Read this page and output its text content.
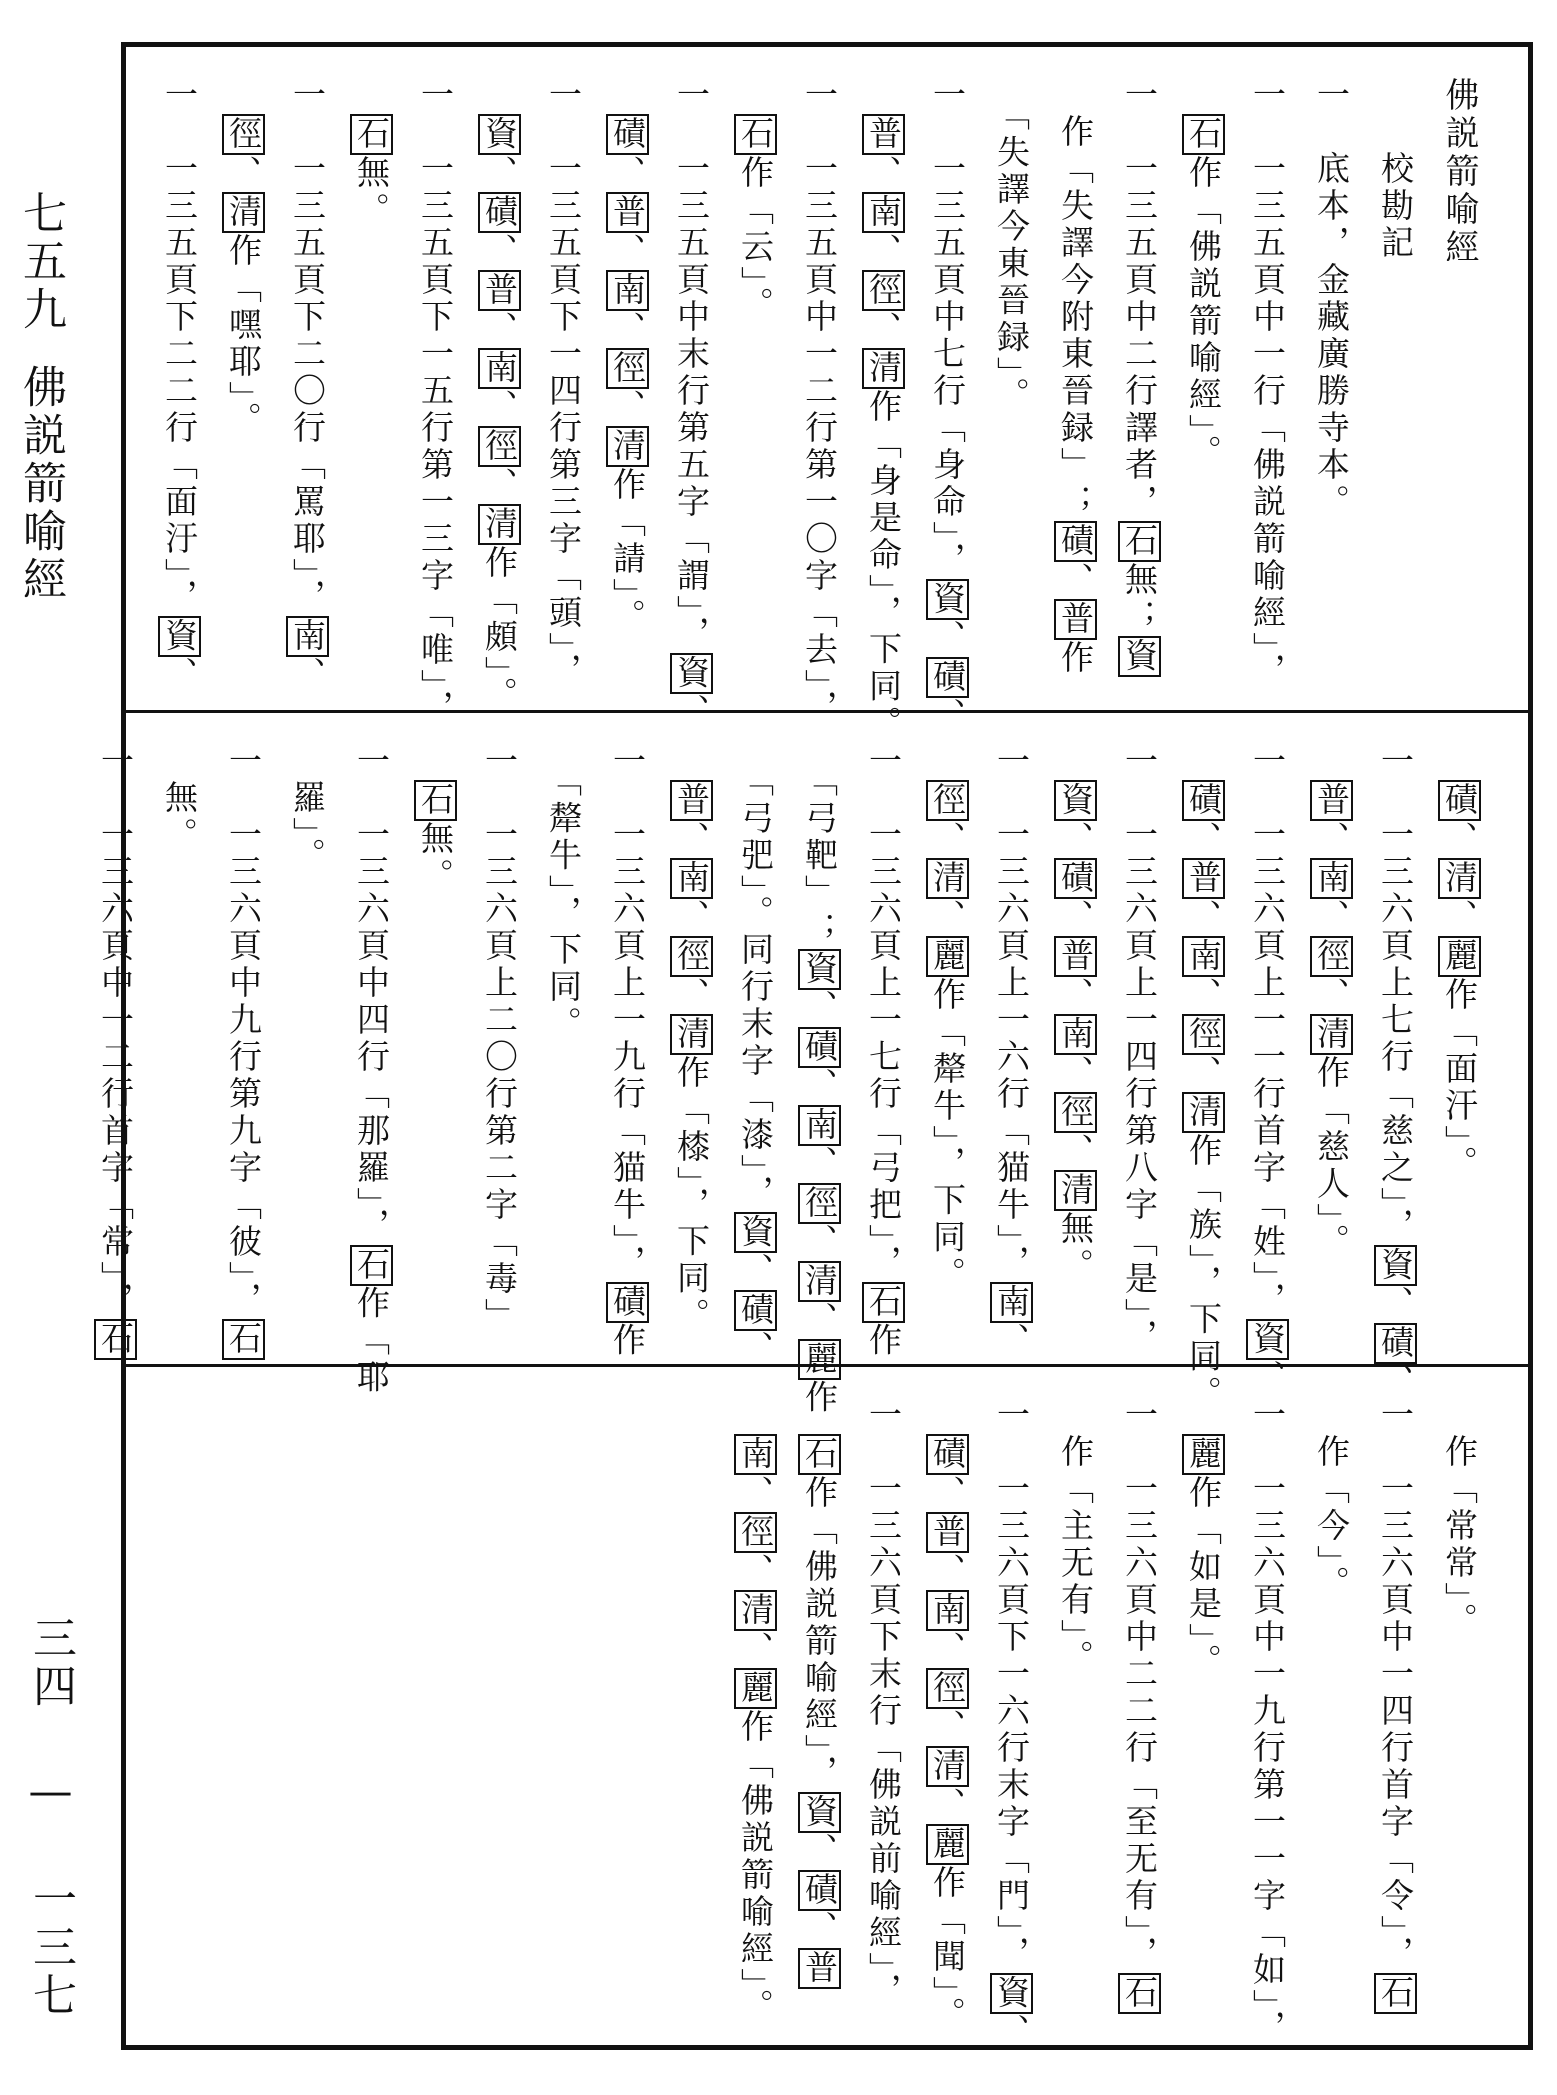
七五九佛説箭喻經
三四 — 一三七
佛説箭喻經
　　校勘記
一　底本，金藏廣勝寺本。
一　一三五頁中一行「佛説箭喻經」，
　石作「佛説箭喻經」。
一　一三五頁中二行譯者，石無；資
　作「失譯今附東晉録」；磧、普作
　「失譯今東晉録」。
一　一三五頁中七行「身命」，資、磧、
　普、南、徑、清作「身是命」，下同。
一　一三五頁中一二行第一〇字「去」，
　石作「云」。
一　一三五頁中末行第五字「謂」，資、
　磧、普、南、徑、清作「請」。
一　一三五頁下一四行第三字「頭」，
　資、磧、普、南、徑、清作「頗」。
一　一三五頁下一五行第一三字「唯」，
　石無。
一　一三五頁下二〇行「罵耶」，南、
　徑、清作「嘿耶」。
一　一三五頁下二二行「面汙」，資、
　磧、清、麗作「面汗」。
一　一三六頁上七行「慈之」，資、磧、
　普、南、徑、清作「慈人」。
一　一三六頁上一一行首字「姓」，資、
　磧、普、南、徑、清作「族」，下同。
一　一三六頁上一四行第八字「是」，
　資、磧、普、南、徑、清無。
一　一三六頁上一六行「猫牛」，南、
　徑、清、麗作「犛牛」，下同。
一　一三六頁上一七行「弓把」，石作
　「弓靶」；資、磧、南、徑、清、麗作
　「弓弝」。同行末字「漆」，資、磧、
　普、南、徑、清作「㯃」，下同。
一　一三六頁上一九行「猫牛」，磧作
　「犛牛」，下同。
一　一三六頁上二〇行第二字「毒」
　石無。
一　一三六頁中四行「那羅」，石作「耶
　羅」。
一　一三六頁中九行第九字「彼」，石
　無。
一　一三六頁中一二行首字「常」，石
　作「常常」。
一　一三六頁中一四行首字「令」，石
　作「今」。
一　一三六頁中一九行第一一字「如」，
　麗作「如是」。
一　一三六頁中二二行「至无有」，石
　作「主无有」。
一　一三六頁下一六行末字「門」，資、
　磧、普、南、徑、清、麗作「聞」。
一　一三六頁下末行「佛説前喻經」，
　石作「佛説箭喻經」，資、磧、普
　南、徑、清、麗作「佛説箭喻經」。
